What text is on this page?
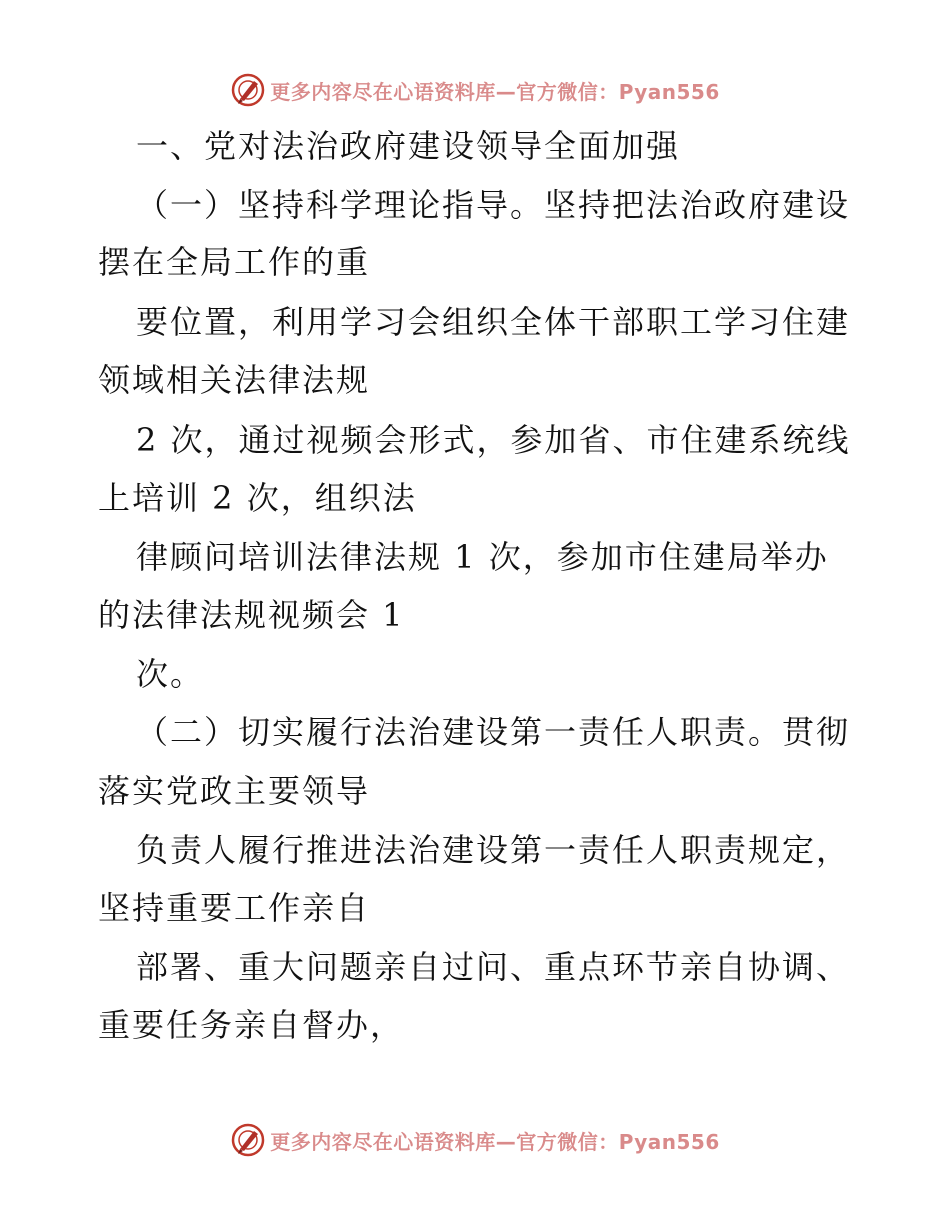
更多内容尽在心语资料库—官方微信：Pyan556
一、党对法治政府建设领导全面加强
（一）坚持科学理论指导。坚持把法治政府建设
摆在全局工作的重
要位置，利用学习会组织全体干部职工学习住建
领域相关法律法规
2 次，通过视频会形式，参加省、市住建系统线
上培训 2 次，组织法
律顾问培训法律法规 1 次，参加市住建局举办
的法律法规视频会 1
次。
（二）切实履行法治建设第一责任人职责。贯彻
落实党政主要领导
负责人履行推进法治建设第一责任人职责规定，
坚持重要工作亲自
部署、重大问题亲自过问、重点环节亲自协调、
重要任务亲自督办，
更多内容尽在心语资料库—官方微信：Pyan556
